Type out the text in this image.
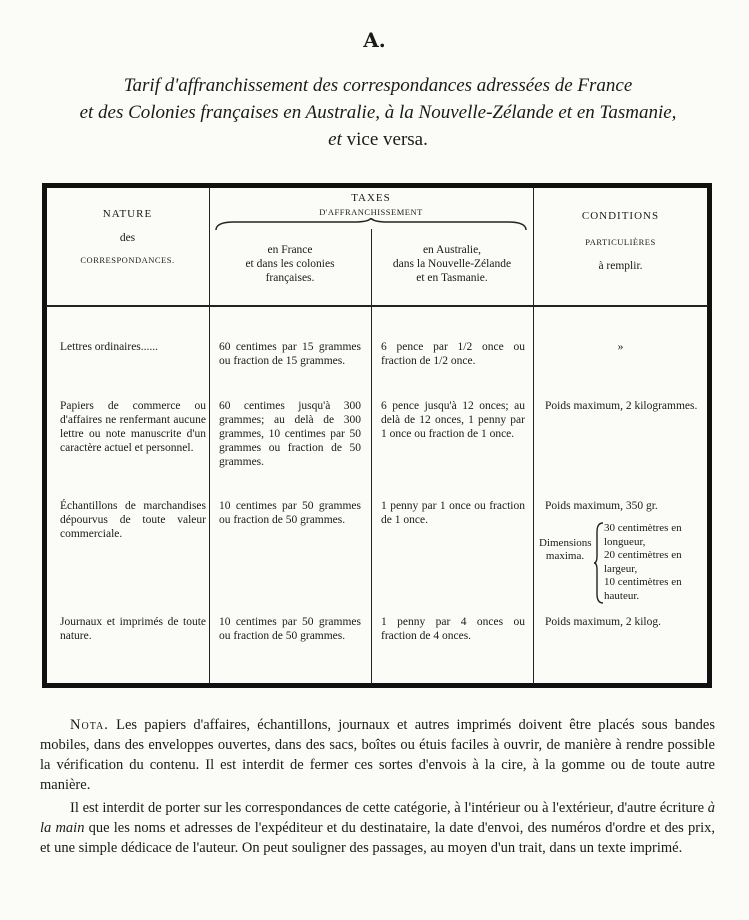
A.
Tarif d'affranchissement des correspondances adressées de France
et des Colonies françaises en Australie, à la Nouvelle-Zélande et en Tasmanie,
et vice versa.
NATURE
des
CORRESPONDANCES.
TAXES
D'AFFRANCHISSEMENT
en France
et dans les colonies
françaises.
en Australie,
dans la Nouvelle-Zélande
et en Tasmanie.
CONDITIONS
PARTICULIÈRES
à remplir.
Lettres ordinaires......	60 centimes par 15 grammes ou fraction de 15 grammes.
6 pence par 1/2 once ou fraction de 1/2 once.
»
Papiers de commerce ou d'affaires ne renfermant aucune lettre ou note manuscrite d'un caractère actuel et personnel.
60 centimes jusqu'à 300 grammes; au delà de 300 grammes, 10 centimes par 50 grammes ou fraction de 50 grammes.
6 pence jusqu'à 12 onces; au delà de 12 onces, 1 penny par 1 once ou fraction de 1 once.
Poids maximum, 2 kilogrammes.
Échantillons de marchandises dépourvus de toute valeur commerciale.
10 centimes par 50 grammes ou fraction de 50 grammes.
1 penny par 1 once ou fraction de 1 once.
Poids maximum, 350 gr.
Dimensions maxima.
30 centimètres en longueur,
20 centimètres en largeur,
10 centimètres en hauteur.
Journaux et imprimés de toute nature.
10 centimes par 50 grammes ou fraction de 50 grammes.
1 penny par 4 onces ou fraction de 4 onces.
Poids maximum, 2 kilog.
Nota. Les papiers d'affaires, échantillons, journaux et autres imprimés doivent être placés sous bandes mobiles, dans des enveloppes ouvertes, dans des sacs, boîtes ou étuis faciles à ouvrir, de manière à rendre possible la vérification du contenu. Il est interdit de fermer ces sortes d'envois à la cire, à la gomme ou de toute autre manière.
Il est interdit de porter sur les correspondances de cette catégorie, à l'intérieur ou à l'extérieur, d'autre écriture à la main que les noms et adresses de l'expéditeur et du destinataire, la date d'envoi, des numéros d'ordre et des prix, et une simple dédicace de l'auteur. On peut souligner des passages, au moyen d'un trait, dans un texte imprimé.
